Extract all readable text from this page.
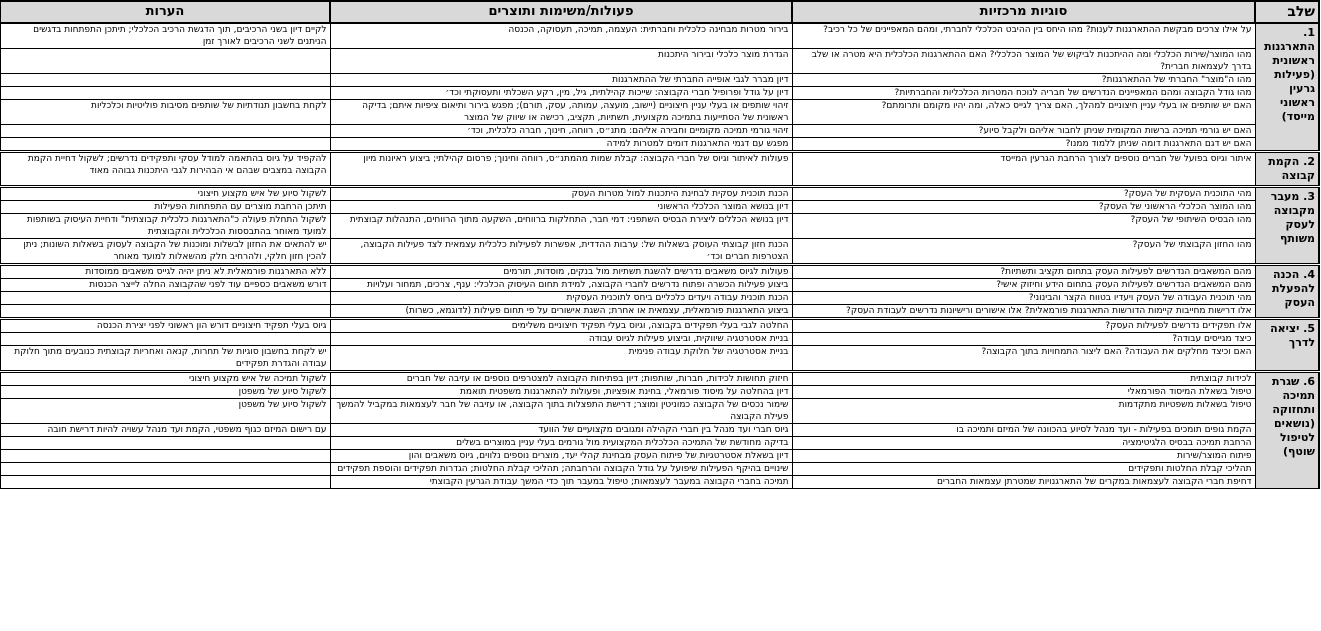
שלב	סוגיות מרכזיות	פעולות/משימות ותוצרים	הערות
1. התארגנות ראשונית (פעילות גרעין ראשוני מייסד)	על אילו צרכים מבקשת ההתארגנות לענות? מהו היחס בין ההיבט הכלכלי לחברתי, ומהם המאפיינים של כל רכיב?	בירור מטרות מבחינה כלכלית וחברתית: העצמה, תמיכה, תעסוקה, הכנסה	לקיים דיון בשני הרכיבים, תוך הדגשת הרכיב הכלכלי; תיתכן התפתחות בדגשים הניתנים לשני הרכיבים לאורך זמן
	מהו המוצר/שירות הכלכלי ומה ההיתכנות לביקוש של המוצר הכלכלי? האם ההתארגנות הכלכלית היא מטרה או שלב בדרך לעצמאות חברית?	הגדרת מוצר כלכלי ובירור היתכנות	
	מהו ה"מוצר" החברתי של ההתארגנות?	דיון מברר לגבי אופייה החברתי של ההתארגנות	
	מהו גודל הקבוצה ומהם המאפיינים הנדרשים של חבריה לנוכח המטרות הכלכליות והחברתיות?	דיון על גודל ופרופיל חברי הקבוצה: שייכות קהילתית, גיל, מין, רקע השכלתי ותעסוקתי וכד׳	
	האם יש שותפים או בעלי עניין חיצוניים למהלך, האם צריך לגייס כאלה, ומה יהיו מקומם ותרומתם?	זיהוי שותפים או בעלי עניין חיצוניים (יישוב, מועצה, עמותה, עסק, תורם); מפגש בירור ותיאום ציפיות איתם; בדיקה ראשונית של הסתייעות בתמיכה מקצועית, תשתיות, תקציב, רכישה או שיווק של המוצר	לקחת בחשבון תנודתיות של שותפים מסיבות פוליטיות וכלכליות
	האם יש גורמי תמיכה ברשות המקומית שניתן לחבור אליהם ולקבל סיוע?	זיהוי גורמי תמיכה מקומיים וחבירה אליהם: מתנ״ס, רווחה, חינוך, חברה כלכלית, וכד׳	
	האם יש דגם התארגנות דומה שניתן ללמוד ממנו?	מפגש עם דגמי התארגנות דומים למטרות למידה	
2. הקמת קבוצה	איתור וגיוס בפועל של חברים נוספים לצורך הרחבת הגרעין המייסד	פעולות לאיתור וגיוס של חברי הקבוצה: קבלת שמות מהמתנ״ס, רווחה וחינוך; פרסום קהילתי; ביצוע ראיונות מיון	להקפיד על גיוס בהתאמה למודל עסקי ותפקידים נדרשים; לשקול דחיית הקמת הקבוצה במצבים שבהם אי הבהירות לגבי היתכנות גבוהה מאוד
3. מעבר מקבוצה לעסק משותף	מהי התוכנית העסקית של העסק?	הכנת תוכנית עסקית לבחינת היתכנות למול מטרות העסק	לשקול סיוע של איש מקצוע חיצוני
	מהו המוצר הכלכלי הראשוני של העסק?	דיון בנושא המוצר הכלכלי הראשוני	תיתכן הרחבת מוצרים עם התפתחות הפעילות
	מהו הבסיס השיתופי של העסק?	דיון בנושא הכללים ליצירת הבסיס השתפני: דמי חבר, התחלקות ברווחים, השקעה מתוך הרווחים, התנהלות קבוצתית	לשקול התחלת פעולה כ"התארגנות כלכלית קבוצתית" ודחיית העיסוק בשותפות למועד מאוחר בהתבססות הכלכלית והקבוצתית
	מהו החזון הקבוצתי של העסק?	הכנת חזון קבוצתי העוסק בשאלות של: ערבות ההדדית, אפשרות לפעילות כלכלית עצמאית לצד פעילות הקבוצה, הצטרפות חברים וכד׳	יש להתאים את החזון לבשלות ומוכנות של הקבוצה לעסוק בשאלות השונות; ניתן להכין חזון חלקי, ולהרחיב חלק מהשאלות למועד מאוחר
4. הכנה להפעלת העסק	מהם המשאבים הנדרשים לפעילות העסק בתחום תקציב ותשתיות?	פעולות לגיוס משאבים נדרשים להשגת תשתיות מול בנקים, מוסדות, תורמים	ללא התארגנות פורמאלית לא ניתן יהיה לגייס משאבים ממוסדות
	מהם המשאבים הנדרשים לפעילות העסק בתחום הידע וחיזוק אישי?	ביצוע פעילות הכשרה ופתוח נדרשים לחברי הקבוצה, למידת תחום העיסוק הכלכלי: ענף, צרכים, תמחור ועלויות	דורש משאבים כספיים עוד לפני שהקבוצה החלה לייצר הכנסות
	מהי תוכנית העבודה של העסק ויעדיו בטווח הקצר והבינוני?	הכנת תוכנית עבודה ויעדים כלכליים ביחס לתוכנית העסקית	
	אלו דרישות מחייבות קיימות הדורשות התארגנות פורמאלית? אלו אישורים ורישיונות נדרשים לעבודת העסק?	ביצוע התארגנות פורמאלית, עצמאית או אחרת; השגת אישורים על פי תחום פעילות (לדוגמא, כשרות)	
5. יציאה לדרך	אלו תפקידים נדרשים לפעילות העסק?	החלטה לגבי בעלי תפקידים בקבוצה, וגיוס בעלי תפקיד חיצוניים משלימים	גיוס בעלי תפקיד חיצוניים דורש הון ראשוני לפני יצירת הכנסה
	כיצד מגייסים עבודה?	בניית אסטרטגיה שיווקית, וביצוע פעילות לגיוס עבודה	
	האם וכיצד מחלקים את העבודה? האם ליצור התמחויות בתוך הקבוצה?	בניית אסטרטגיה של חלוקת עבודה פנימית	יש לקחת בחשבון סוגיות של תחרות, קנאה ואחריות קבוצתית כנובעים מתוך חלוקת עבודה והגדרת תפקידים
6. שגרת תמיכה ותחזוקה (נושאים לטיפול שוטף)	לכידות קבוצתית	חיזוק תחושות לכידות, חברות, שותפות; דיון בפתיחות הקבוצה למצטרפים נוספים או עזיבה של חברים	לשקול תמיכה של איש מקצוע חיצוני
	טיפול בשאלת המיסוד הפורמאלי	דיון בהחלטה על מיסוד פורמאלי, בחינת אופציות, ופעולות להתארגנות משפטית תואמת	לשקול סיוע של משפטן
	טיפול בשאלות משפטיות מתקדמות	שימור נכסים של הקבוצה כמוניטין ומוצר; דרישת התפצלות בתוך הקבוצה, או עזיבה של חבר לעצמאות במקביל להמשך פעילת הקבוצה	לשקול סיוע של משפטן
	הקמת גופים תומכים בפעילות - ועד מנהל לסיוע בהכוונה של המיזם ותמיכה בו	גיוס חברי ועד מנהל בין חברי הקהילה ומגובים מקצועיים של הוועד	עם רישום המיזם כגוף משפטי, הקמת ועד מנהל עשויה להיות דרישת חובה
	הרחבת תמיכה בבסיס הלגיטימציה	בדיקה מחודשת של התמיכה הכלכלית המקצועית מול גורמים בעלי עניין במוצרים בשלים	
	פיתוח המוצר/שירות	דיון בשאלת אסטרטגיות של פיתוח העסק מבחינת קהלי יעד, מוצרים נוספים נלווים, גיוס משאבים והון	
	תהליכי קבלת החלטות ותפקידים	שינויים בהיקף הפעילות שיפועל על גודל הקבוצה והרחבתה; תהליכי קבלת החלטות; הגדרות תפקידים והוספת תפקידים	
	דחיפת חברי הקבוצה לעצמאות במקרים של התארגנויות שמטרתן עצמאות החברים	תמיכה בחברי הקבוצה במעבר לעצמאות; טיפול במעבר תוך כדי המשך עבודת הגרעין הקבוצתי	
